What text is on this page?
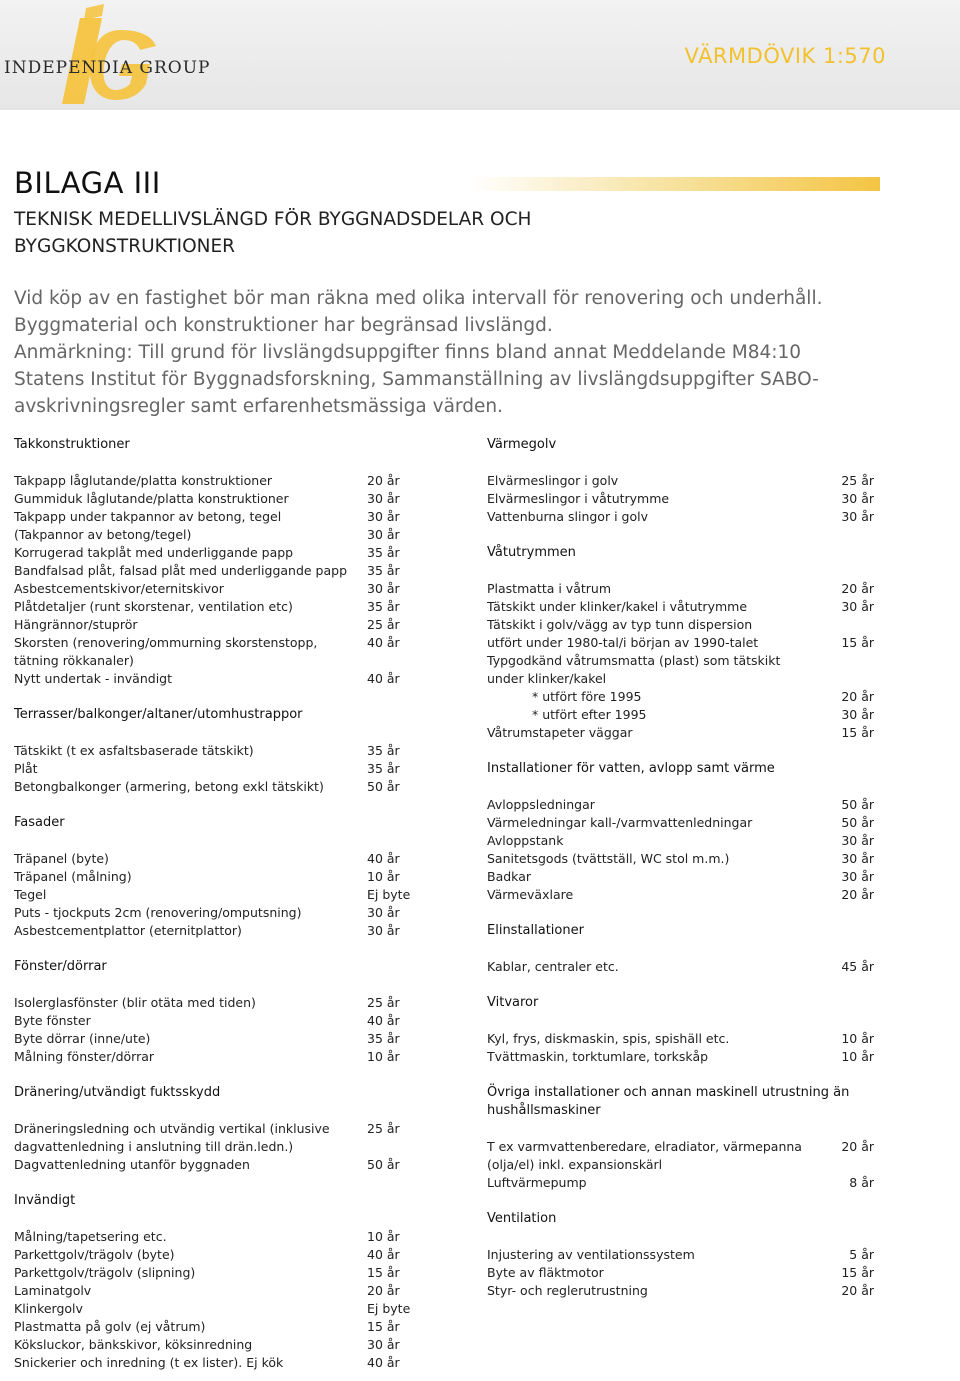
INDEPENDIA GROUP	VÄRMDÖVIK 1:570
BILAGA III
TEKNISK MEDELLIVSLÄNGD FÖR BYGGNADSDELAR OCH BYGGKONSTRUKTIONER
Vid köp av en fastighet bör man räkna med olika intervall för renovering och underhåll.
Byggmaterial och konstruktioner har begränsad livslängd.
Anmärkning: Till grund för livslängdsuppgifter finns bland annat Meddelande M84:10
Statens Institut för Byggnadsforskning, Sammanställning av livslängdsuppgifter SABO-
avskrivningsregler samt erfarenhetsmässiga värden.
Takkonstruktioner
Takpapp låglutande/platta konstruktioner	20 år
Gummiduk låglutande/platta konstruktioner	30 år
Takpapp under takpannor av betong, tegel	30 år
(Takpannor av betong/tegel)	30 år
Korrugerad takplåt med underliggande papp	35 år
Bandfalsad plåt, falsad plåt med underliggande papp	35 år
Asbestcementskivor/eternitskivor	30 år
Plåtdetaljer (runt skorstenar, ventilation etc)	35 år
Hängrännor/stuprör	25 år
Skorsten (renovering/ommurning skorstenstopp,	40 år
tätning rökkanaler)
Nytt undertak - invändigt	40 år
Terrasser/balkonger/altaner/utomhustrappor
Tätskikt (t ex asfaltsbaserade tätskikt)	35 år
Plåt	35 år
Betongbalkonger (armering, betong exkl tätskikt)	50 år
Fasader
Träpanel (byte)	40 år
Träpanel (målning)	10 år
Tegel	Ej byte
Puts - tjockputs 2cm (renovering/omputsning)	30 år
Asbestcementplattor (eternitplattor)	30 år
Fönster/dörrar
Isolerglasfönster (blir otäta med tiden)	25 år
Byte fönster	40 år
Byte dörrar (inne/ute)	35 år
Målning fönster/dörrar	10 år
Dränering/utvändigt fuktsskydd
Dräneringsledning och utvändig vertikal (inklusive	25 år
dagvattenledning i anslutning till drän.ledn.)
Dagvattenledning utanför byggnaden	50 år
Invändigt
Målning/tapetsering etc.	10 år
Parkettgolv/trägolv (byte)	40 år
Parkettgolv/trägolv (slipning)	15 år
Laminatgolv	20 år
Klinkergolv	Ej byte
Plastmatta på golv (ej våtrum)	15 år
Köksluckor, bänkskivor, köksinredning	30 år
Snickerier och inredning (t ex lister). Ej kök	40 år
Värmegolv
Elvärmeslingor i golv	25 år
Elvärmeslingor i våtutrymme	30 år
Vattenburna slingor i golv	30 år
Våtutrymmen
Plastmatta i våtrum	20 år
Tätskikt under klinker/kakel i våtutrymme	30 år
Tätskikt i golv/vägg av typ tunn dispersion
utfört under 1980-tal/i början av 1990-talet	15 år
Typgodkänd våtrumsmatta (plast) som tätskikt
under klinker/kakel
* utfört före 1995	20 år
* utfört efter 1995	30 år
Våtrumstapeter väggar	15 år
Installationer för vatten, avlopp samt värme
Avloppsledningar	50 år
Värmeledningar kall-/varmvattenledningar	50 år
Avloppstank	30 år
Sanitetsgods (tvättställ, WC stol m.m.)	30 år
Badkar	30 år
Värmeväxlare	20 år
Elinstallationer
Kablar, centraler etc.	45 år
Vitvaror
Kyl, frys, diskmaskin, spis, spishäll etc.	10 år
Tvättmaskin, torktumlare, torkskåp	10 år
Övriga installationer och annan maskinell utrustning än
hushållsmaskiner
T ex varmvattenberedare, elradiator, värmepanna	20 år
(olja/el) inkl. expansionskärl
Luftvärmepump	8 år
Ventilation
Injustering av ventilationssystem	5 år
Byte av fläktmotor	15 år
Styr- och reglerutrustning	20 år
